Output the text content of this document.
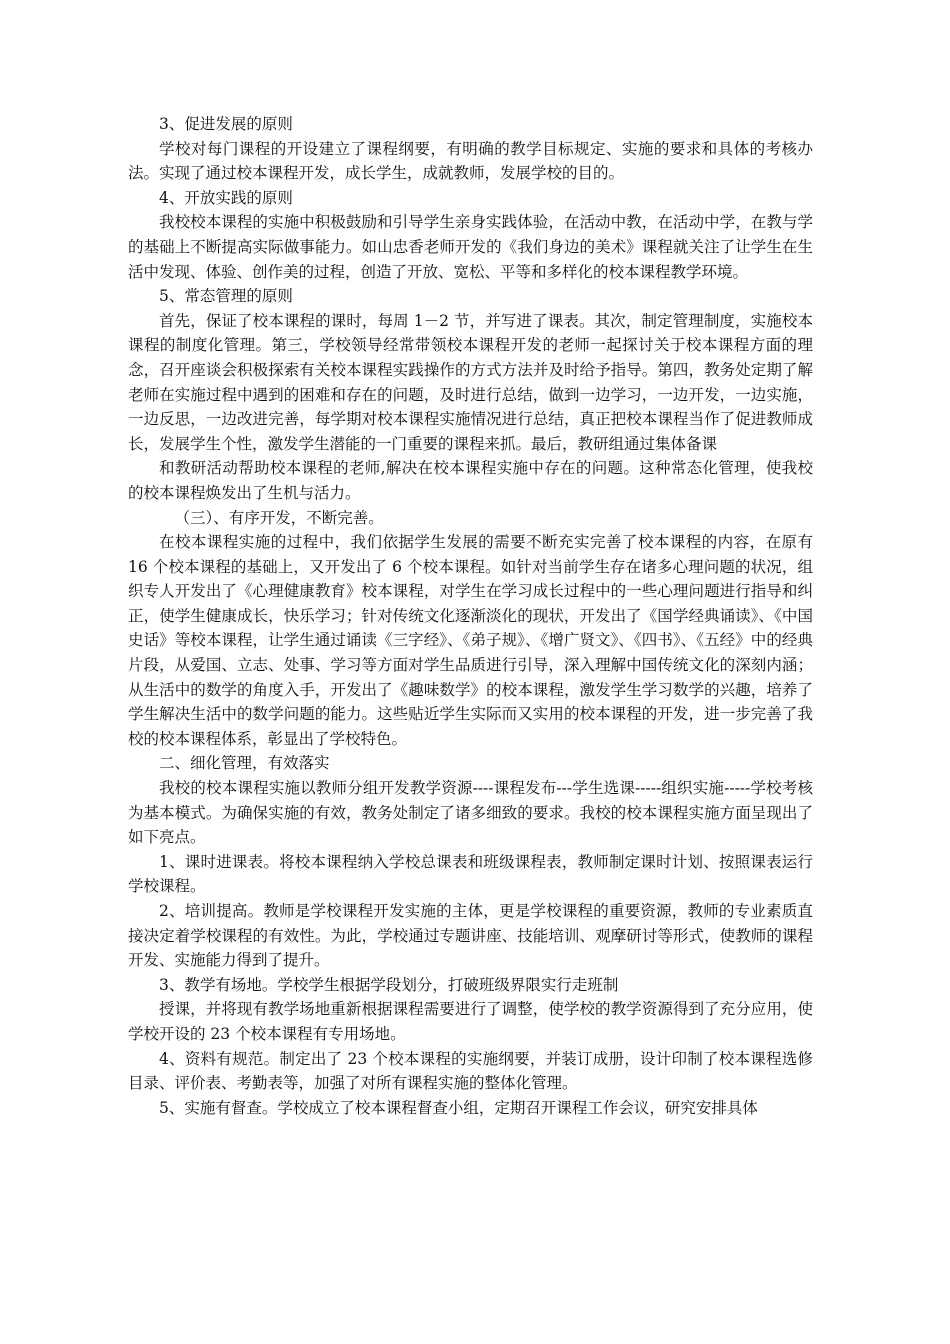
3、促进发展的原则

学校对每门课程的开设建立了课程纲要，有明确的教学目标规定、实施的要求和具体的考核办法。实现了通过校本课程开发，成长学生，成就教师，发展学校的目的。

4、开放实践的原则

我校校本课程的实施中积极鼓励和引导学生亲身实践体验，在活动中教，在活动中学，在教与学的基础上不断提高实际做事能力。如山忠香老师开发的《我们身边的美术》课程就关注了让学生在生活中发现、体验、创作美的过程，创造了开放、宽松、平等和多样化的校本课程教学环境。

5、常态管理的原则

首先，保证了校本课程的课时，每周 1－2 节，并写进了课表。其次，制定管理制度，实施校本课程的制度化管理。第三，学校领导经常带领校本课程开发的老师一起探讨关于校本课程方面的理念，召开座谈会积极探索有关校本课程实践操作的方式方法并及时给予指导。第四，教务处定期了解老师在实施过程中遇到的困难和存在的问题，及时进行总结，做到一边学习，一边开发，一边实施，一边反思，一边改进完善，每学期对校本课程实施情况进行总结，真正把校本课程当作了促进教师成长，发展学生个性，激发学生潜能的一门重要的课程来抓。最后，教研组通过集体备课

和教研活动帮助校本课程的老师,解决在校本课程实施中存在的问题。这种常态化管理，使我校的校本课程焕发出了生机与活力。

（三）、有序开发，不断完善。

在校本课程实施的过程中，我们依据学生发展的需要不断充实完善了校本课程的内容，在原有 16 个校本课程的基础上，又开发出了 6 个校本课程。如针对当前学生存在诸多心理问题的状况，组织专人开发出了《心理健康教育》校本课程，对学生在学习成长过程中的一些心理问题进行指导和纠正，使学生健康成长，快乐学习；针对传统文化逐渐淡化的现状，开发出了《国学经典诵读》、《中国史话》等校本课程，让学生通过诵读《三字经》、《弟子规》、《增广贤文》、《四书》、《五经》中的经典片段，从爱国、立志、处事、学习等方面对学生品质进行引导，深入理解中国传统文化的深刻内涵；从生活中的数学的角度入手，开发出了《趣味数学》的校本课程，激发学生学习数学的兴趣，培养了学生解决生活中的数学问题的能力。这些贴近学生实际而又实用的校本课程的开发，进一步完善了我校的校本课程体系，彰显出了学校特色。

二、细化管理，有效落实

我校的校本课程实施以教师分组开发教学资源----课程发布---学生选课-----组织实施-----学校考核为基本模式。为确保实施的有效，教务处制定了诸多细致的要求。我校的校本课程实施方面呈现出了如下亮点。

1、课时进课表。将校本课程纳入学校总课表和班级课程表，教师制定课时计划、按照课表运行学校课程。

2、培训提高。教师是学校课程开发实施的主体，更是学校课程的重要资源，教师的专业素质直接决定着学校课程的有效性。为此，学校通过专题讲座、技能培训、观摩研讨等形式，使教师的课程开发、实施能力得到了提升。

3、教学有场地。学校学生根据学段划分，打破班级界限实行走班制

授课，并将现有教学场地重新根据课程需要进行了调整，使学校的教学资源得到了充分应用，使学校开设的 23 个校本课程有专用场地。

4、资料有规范。制定出了 23 个校本课程的实施纲要，并装订成册，设计印制了校本课程选修目录、评价表、考勤表等，加强了对所有课程实施的整体化管理。

5、实施有督查。学校成立了校本课程督查小组，定期召开课程工作会议，研究安排具体
